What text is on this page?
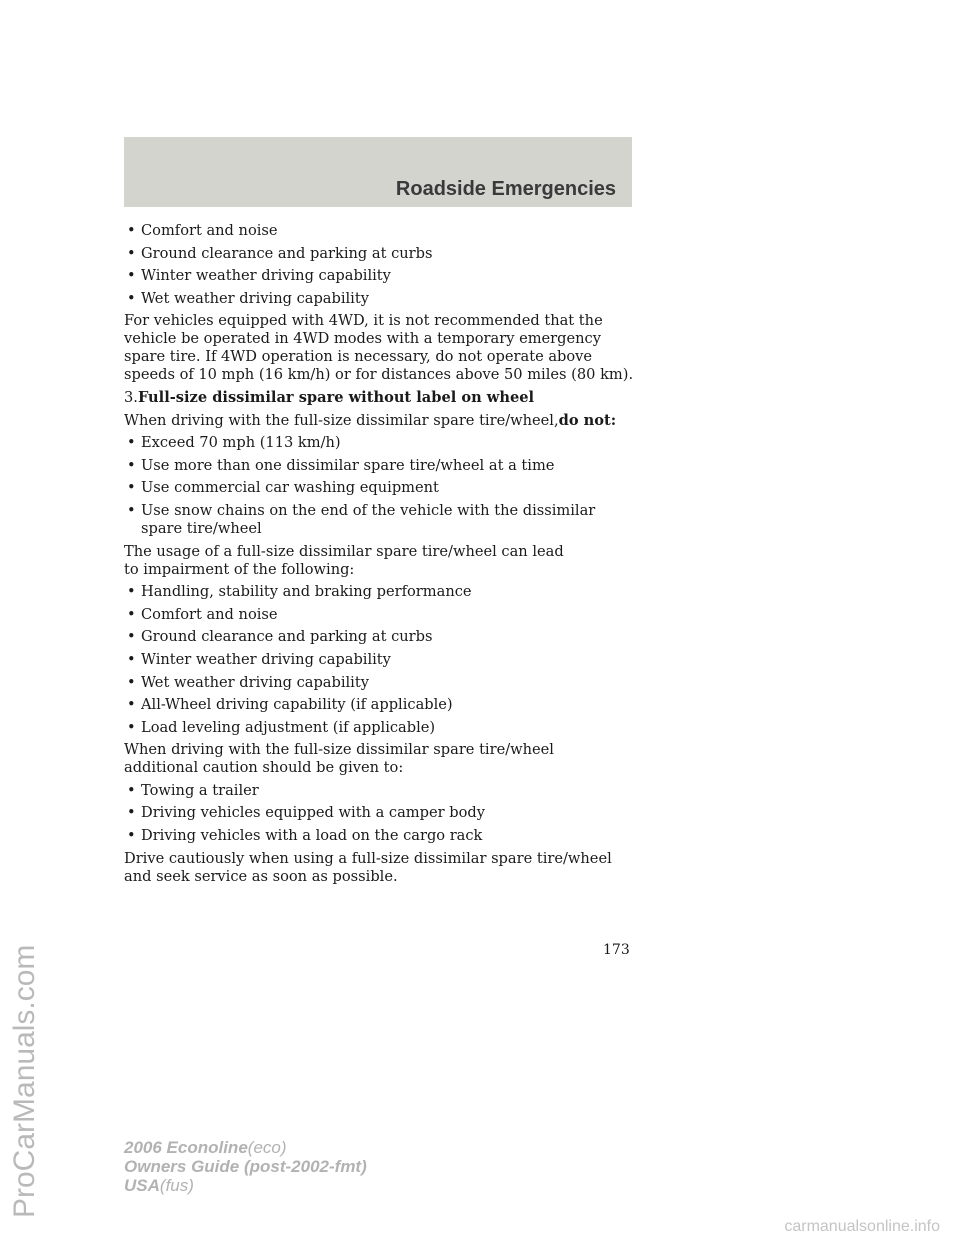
Roadside Emergencies
• Comfort and noise
• Ground clearance and parking at curbs
• Winter weather driving capability
• Wet weather driving capability

For vehicles equipped with 4WD, it is not recommended that the vehicle be operated in 4WD modes with a temporary emergency spare tire. If 4WD operation is necessary, do not operate above speeds of 10 mph (16 km/h) or for distances above 50 miles (80 km).

3.Full-size dissimilar spare without label on wheel

When driving with the full-size dissimilar spare tire/wheel,do not:

• Exceed 70 mph (113 km/h)
• Use more than one dissimilar spare tire/wheel at a time
• Use commercial car washing equipment
• Use snow chains on the end of the vehicle with the dissimilar spare tire/wheel

The usage of a full-size dissimilar spare tire/wheel can lead to impairment of the following:

• Handling, stability and braking performance
• Comfort and noise
• Ground clearance and parking at curbs
• Winter weather driving capability
• Wet weather driving capability
• All-Wheel driving capability (if applicable)
• Load leveling adjustment (if applicable)

When driving with the full-size dissimilar spare tire/wheel additional caution should be given to:

• Towing a trailer
• Driving vehicles equipped with a camper body
• Driving vehicles with a load on the cargo rack

Drive cautiously when using a full-size dissimilar spare tire/wheel and seek service as soon as possible.

173
2006 Econoline(eco)
Owners Guide (post-2002-fmt)
USA(fus)
ProCarManuals.com
carmanualsonline.info
